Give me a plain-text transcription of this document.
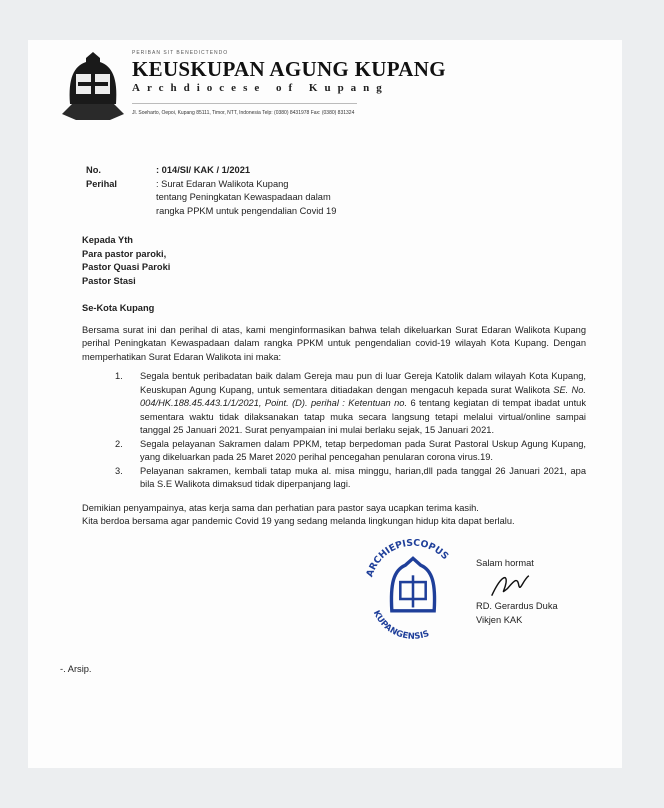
PERIBAN SIT BENEDICTENDO
KEUSKUPAN AGUNG KUPANG
Archdiocese of Kupang
Jl. Soeharto, Oepoi, Kupang 85111, Timor, NTT, Indonesia Telp: (0380) 8431978 Fax: (0380) 831324
No.	: 014/SI/ KAK / 1/2021
Perihal	: Surat Edaran Walikota Kupang
tentang Peningkatan Kewaspadaan dalam
rangka PPKM untuk pengendalian Covid 19
Kepada Yth
Para pastor paroki,
Pastor Quasi Paroki
Pastor Stasi
Se-Kota Kupang
Bersama surat ini dan perihal di atas, kami menginformasikan bahwa telah dikeluarkan Surat Edaran Walikota Kupang perihal Peningkatan Kewaspadaan dalam rangka PPKM untuk pengendalian covid-19 wilayah Kota Kupang. Dengan memperhatikan Surat Edaran Walikota ini maka:
1.	Segala bentuk peribadatan baik dalam Gereja mau pun di luar Gereja Katolik dalam wilayah Kota Kupang, Keuskupan Agung Kupang, untuk sementara ditiadakan dengan mengacuh kepada surat Walikota SE. No. 004/HK.188.45.443.1/1/2021, Point. (D). perihal : Ketentuan no. 6 tentang kegiatan di tempat ibadat untuk sementara waktu tidak dilaksanakan tatap muka secara langsung tetapi melalui virtual/online sampai tanggal 25 Januari 2021. Surat penyampaian ini mulai berlaku sejak, 15 Januari 2021.
2.	Segala pelayanan Sakramen dalam PPKM, tetap berpedoman pada Surat Pastoral Uskup Agung Kupang, yang dikeluarkan pada 25 Maret 2020 perihal pencegahan penularan corona virus.19.
3.	Pelayanan sakramen, kembali tatap muka al. misa minggu, harian,dll pada tanggal 26 Januari 2021, apa bila S.E Walikota dimaksud tidak diperpanjang lagi.
Demikian penyampainya, atas kerja sama dan perhatian para pastor saya ucapkan terima kasih.
Kita berdoa bersama agar pandemic Covid 19 yang sedang melanda lingkungan hidup kita dapat berlalu.
ARCHIEPISCOPUS
KUPANGENSIS
Salam hormat
RD. Gerardus Duka
Vikjen KAK
-. Arsip.
